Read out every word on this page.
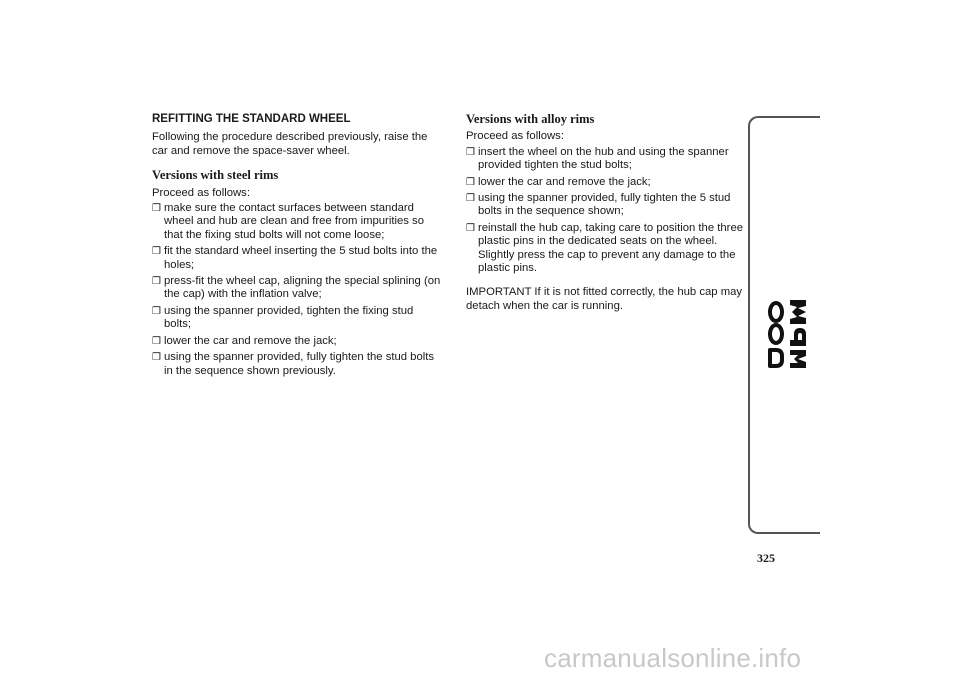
REFITTING THE STANDARD WHEEL

Following the procedure described previously, raise the car and remove the space-saver wheel.

Versions with steel rims

Proceed as follows:

❒ make sure the contact surfaces between standard wheel and hub are clean and free from impurities so that the fixing stud bolts will not come loose;
❒ fit the standard wheel inserting the 5 stud bolts into the holes;
❒ press-fit the wheel cap, aligning the special splining (on the cap) with the inflation valve;
❒ using the spanner provided, tighten the fixing stud bolts;
❒ lower the car and remove the jack;
❒ using the spanner provided, fully tighten the stud bolts in the sequence shown previously.
Versions with alloy rims

Proceed as follows:

❒ insert the wheel on the hub and using the spanner provided tighten the stud bolts;
❒ lower the car and remove the jack;
❒ using the spanner provided, fully tighten the 5 stud bolts in the sequence shown;
❒ reinstall the hub cap, taking care to position the three plastic pins in the dedicated seats on the wheel. Slightly press the cap to prevent any damage to the plastic pins.

IMPORTANT If it is not fitted correctly, the hub cap may detach when the car is running.

325
carmanualsonline.info
